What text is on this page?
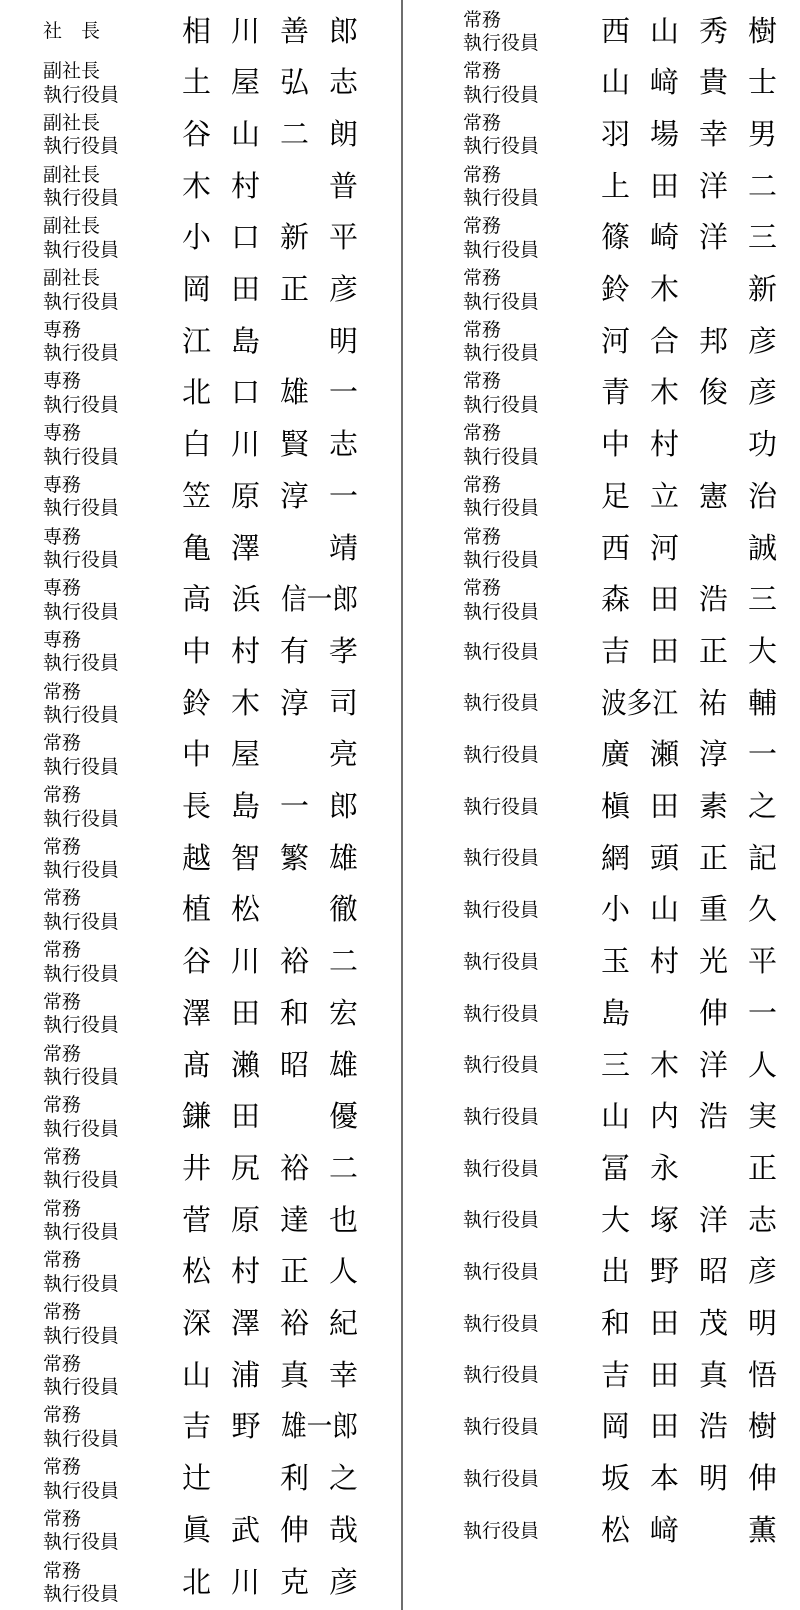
社　長	相 川 善 郎
副社長
執行役員	土 屋 弘 志
副社長
執行役員	谷 山 二 朗
副社長
執行役員	木 村 普
副社長
執行役員	小 口 新 平
副社長
執行役員	岡 田 正 彦
専務
執行役員	江 島 明
専務
執行役員	北 口 雄 一
専務
執行役員	白 川 賢 志
専務
執行役員	笠 原 淳 一
専務
執行役員	亀 澤 靖
専務
執行役員	高 浜 信一郎
専務
執行役員	中 村 有 孝
常務
執行役員	鈴 木 淳 司
常務
執行役員	中 屋 亮
常務
執行役員	長 島 一 郎
常務
執行役員	越 智 繁 雄
常務
執行役員	植 松 徹
常務
執行役員	谷 川 裕 二
常務
執行役員	澤 田 和 宏
常務
執行役員	髙 瀨 昭 雄
常務
執行役員	鎌 田 優
常務
執行役員	井 尻 裕 二
常務
執行役員	菅 原 達 也
常務
執行役員	松 村 正 人
常務
執行役員	深 澤 裕 紀
常務
執行役員	山 浦 真 幸
常務
執行役員	吉 野 雄一郎
常務
執行役員	辻 利 之
常務
執行役員	眞 武 伸 哉
常務
執行役員	北 川 克 彦
常務
執行役員	西 山 秀 樹
常務
執行役員	山 﨑 貴 士
常務
執行役員	羽 場 幸 男
常務
執行役員	上 田 洋 二
常務
執行役員	篠 崎 洋 三
常務
執行役員	鈴 木 新
常務
執行役員	河 合 邦 彦
常務
執行役員	青 木 俊 彦
常務
執行役員	中 村 功
常務
執行役員	足 立 憲 治
常務
執行役員	西 河 誠
常務
執行役員	森 田 浩 三
執行役員	吉 田 正 大
執行役員	波多江 祐 輔
執行役員	廣 瀬 淳 一
執行役員	槇 田 素 之
執行役員	網 頭 正 記
執行役員	小 山 重 久
執行役員	玉 村 光 平
執行役員	島 伸 一
執行役員	三 木 洋 人
執行役員	山 内 浩 実
執行役員	冨 永 正
執行役員	大 塚 洋 志
執行役員	出 野 昭 彦
執行役員	和 田 茂 明
執行役員	吉 田 真 悟
執行役員	岡 田 浩 樹
執行役員	坂 本 明 伸
執行役員	松 﨑 薫
